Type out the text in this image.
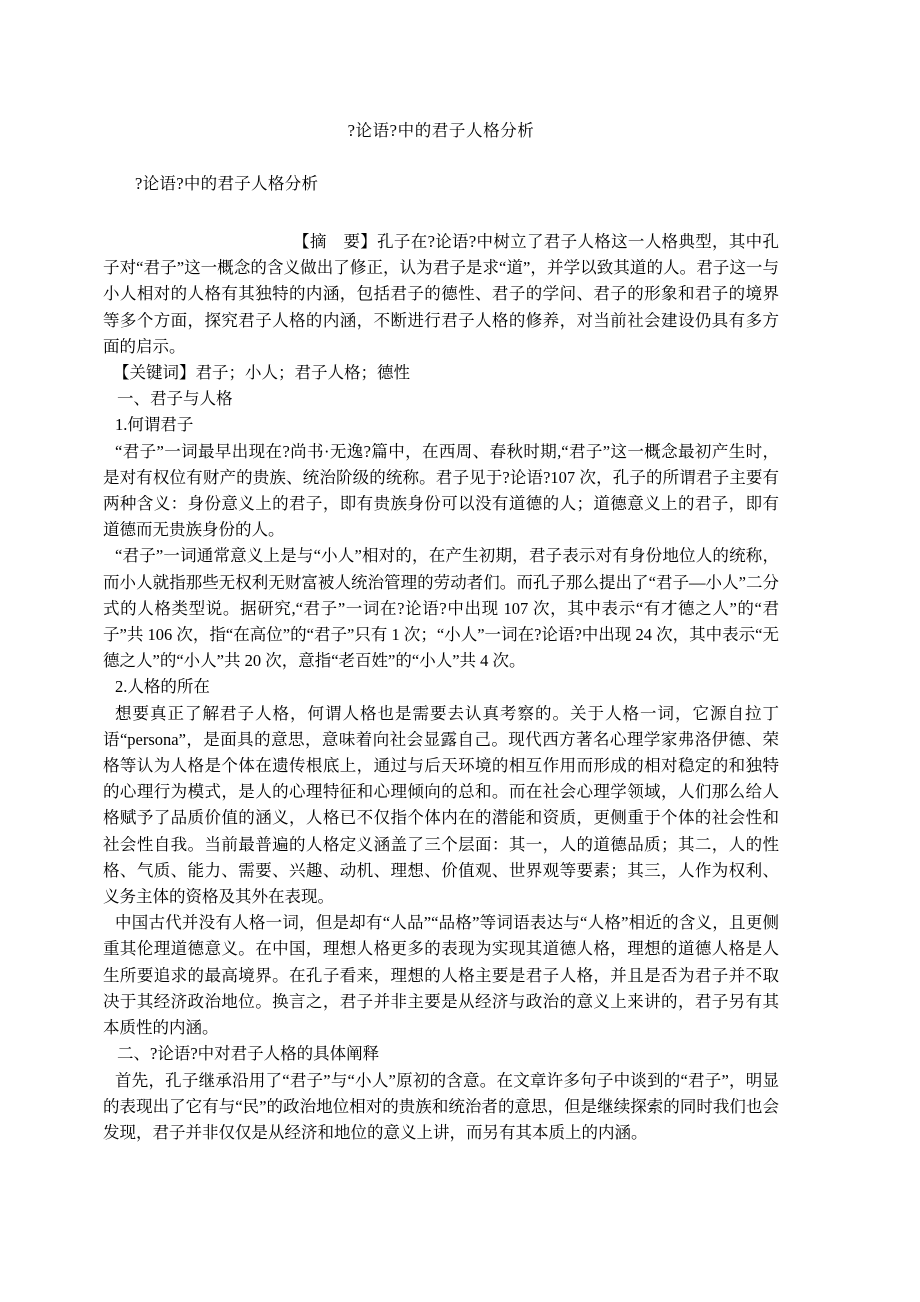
?论语?中的君子人格分析

?论语?中的君子人格分析

【摘　要】孔子在?论语?中树立了君子人格这一人格典型，其中孔子对“君子”这一概念的含义做出了修正，认为君子是求“道”，并学以致其道的人。君子这一与小人相对的人格有其独特的内涵，包括君子的德性、君子的学问、君子的形象和君子的境界等多个方面，探究君子人格的内涵，不断进行君子人格的修养，对当前社会建设仍具有多方面的启示。

【关键词】君子；小人；君子人格；德性

一、君子与人格
1.何谓君子

“君子”一词最早出现在?尚书·无逸?篇中，在西周、春秋时期,“君子”这一概念最初产生时，是对有权位有财产的贵族、统治阶级的统称。君子见于?论语?107 次，孔子的所谓君子主要有两种含义：身份意义上的君子，即有贵族身份可以没有道德的人；道德意义上的君子，即有道德而无贵族身份的人。

“君子”一词通常意义上是与“小人”相对的，在产生初期，君子表示对有身份地位人的统称，而小人就指那些无权利无财富被人统治管理的劳动者们。而孔子那么提出了“君子—小人”二分式的人格类型说。据研究,“君子”一词在?论语?中出现 107 次，其中表示“有才德之人”的“君子”共 106 次，指“在高位”的“君子”只有 1 次；“小人”一词在?论语?中出现 24 次，其中表示“无德之人”的“小人”共 20 次，意指“老百姓”的“小人”共 4 次。

2.人格的所在

想要真正了解君子人格，何谓人格也是需要去认真考察的。关于人格一词，它源自拉丁语“persona”，是面具的意思，意味着向社会显露自己。现代西方著名心理学家弗洛伊德、荣格等认为人格是个体在遗传根底上，通过与后天环境的相互作用而形成的相对稳定的和独特的心理行为模式，是人的心理特征和心理倾向的总和。而在社会心理学领域，人们那么给人格赋予了品质价值的涵义，人格已不仅指个体内在的潜能和资质，更侧重于个体的社会性和社会性自我。当前最普遍的人格定义涵盖了三个层面：其一，人的道德品质；其二，人的性格、气质、能力、需要、兴趣、动机、理想、价值观、世界观等要素；其三，人作为权利、义务主体的资格及其外在表现。

中国古代并没有人格一词，但是却有“人品”“品格”等词语表达与“人格”相近的含义，且更侧重其伦理道德意义。在中国，理想人格更多的表现为实现其道德人格，理想的道德人格是人生所要追求的最高境界。在孔子看来，理想的人格主要是君子人格，并且是否为君子并不取决于其经济政治地位。换言之，君子并非主要是从经济与政治的意义上来讲的，君子另有其本质性的内涵。

二、?论语?中对君子人格的具体阐释

首先，孔子继承沿用了“君子”与“小人”原初的含意。在文章许多句子中谈到的“君子”，明显的表现出了它有与“民”的政治地位相对的贵族和统治者的意思，但是继续探索的同时我们也会发现，君子并非仅仅是从经济和地位的意义上讲，而另有其本质上的内涵。
